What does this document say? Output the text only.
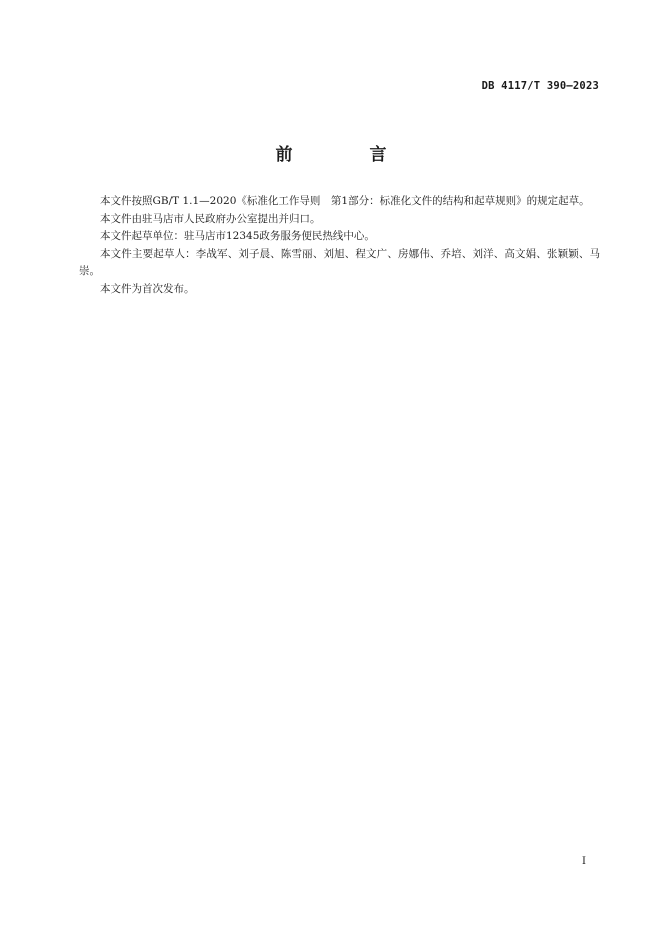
DB 4117/T 390—2023
前　言

本文件按照GB/T 1.1—2020《标准化工作导则　第1部分：标准化文件的结构和起草规则》的规定起草。

本文件由驻马店市人民政府办公室提出并归口。

本文件起草单位：驻马店市12345政务服务便民热线中心。

本文件主要起草人：李战军、刘子晨、陈雪丽、刘旭、程文广、房娜伟、乔培、刘洋、高文娟、张颖颖、马崇。

本文件为首次发布。

I
